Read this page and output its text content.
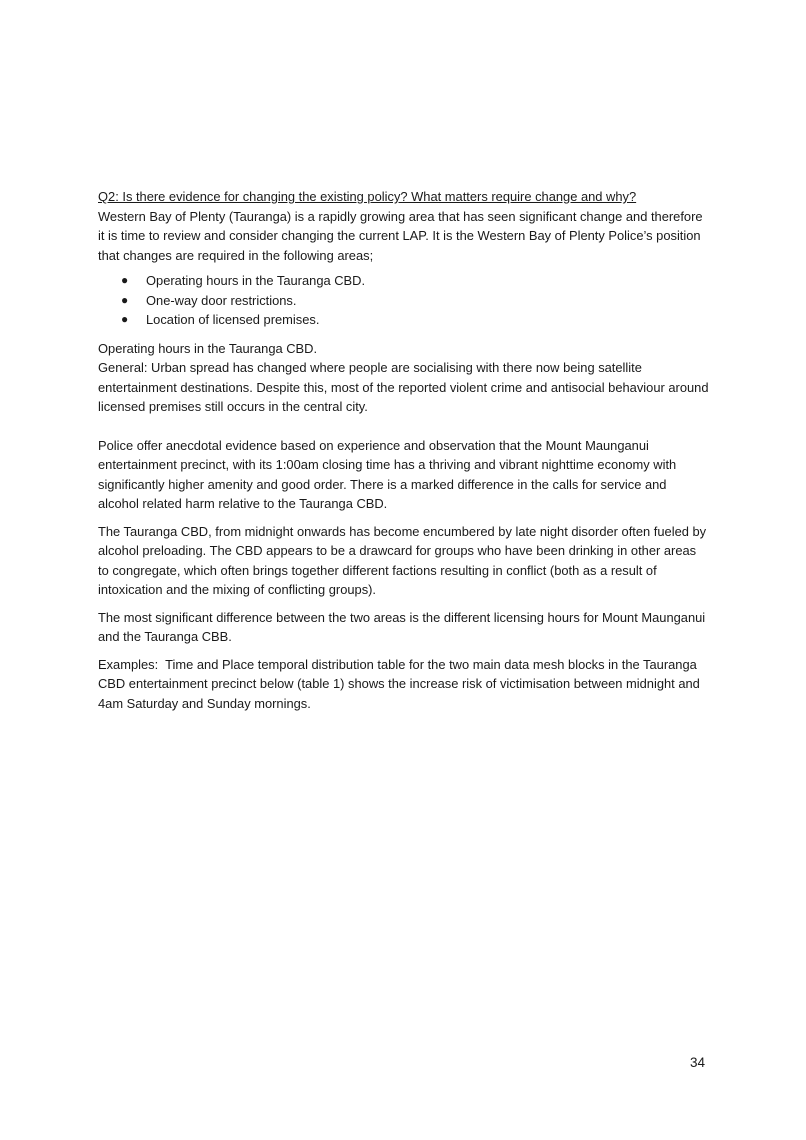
Q2: Is there evidence for changing the existing policy? What matters require change and why?

Western Bay of Plenty (Tauranga) is a rapidly growing area that has seen significant change and therefore it is time to review and consider changing the current LAP. It is the Western Bay of Plenty Police’s position that changes are required in the following areas;

● Operating hours in the Tauranga CBD.
● One-way door restrictions.
● Location of licensed premises.

Operating hours in the Tauranga CBD.

General: Urban spread has changed where people are socialising with there now being satellite entertainment destinations. Despite this, most of the reported violent crime and antisocial behaviour around licensed premises still occurs in the central city.

Police offer anecdotal evidence based on experience and observation that the Mount Maunganui entertainment precinct, with its 1:00am closing time has a thriving and vibrant nighttime economy with significantly higher amenity and good order. There is a marked difference in the calls for service and alcohol related harm relative to the Tauranga CBD.

The Tauranga CBD, from midnight onwards has become encumbered by late night disorder often fueled by alcohol preloading. The CBD appears to be a drawcard for groups who have been drinking in other areas to congregate, which often brings together different factions resulting in conflict (both as a result of intoxication and the mixing of conflicting groups).

The most significant difference between the two areas is the different licensing hours for Mount Maunganui and the Tauranga CBB.

Examples:  Time and Place temporal distribution table for the two main data mesh blocks in the Tauranga CBD entertainment precinct below (table 1) shows the increase risk of victimisation between midnight and 4am Saturday and Sunday mornings.

34
